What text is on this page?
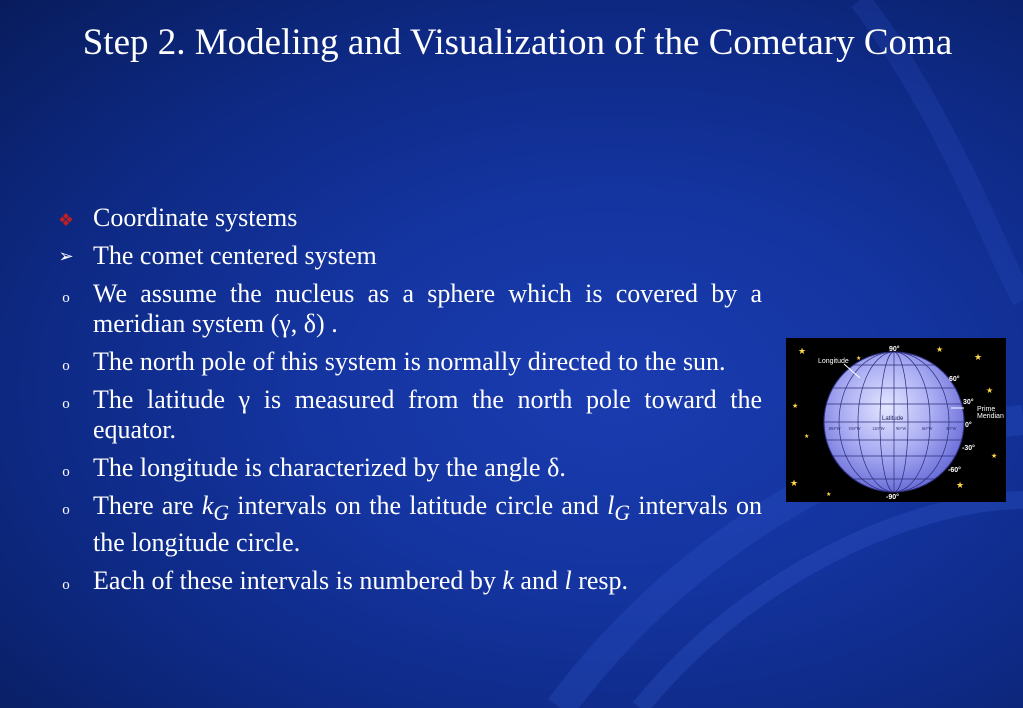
Step 2. Modeling and Visualization of the Cometary Coma
❖ Coordinate systems
➢ The comet centered system
o We assume the nucleus as a sphere which is covered by a meridian system (γ, δ) .
o The north pole of this system is normally directed to the sun.
o The latitude γ is measured from the north pole toward the equator.
o The longitude is characterized by the angle δ.
o There are $k_G$ intervals on the latitude circle and $l_G$ intervals on the longitude circle.
o Each of these intervals is numbered by k and l resp.
★
★
★
★
★
★
★
★
★
★
★
Longitude
90°
60°
30°
Prime
Meridian
0°
-30°
-60°
-90°
Latitude
180°W 150°W 120°W 90°W	60°W	30°W
